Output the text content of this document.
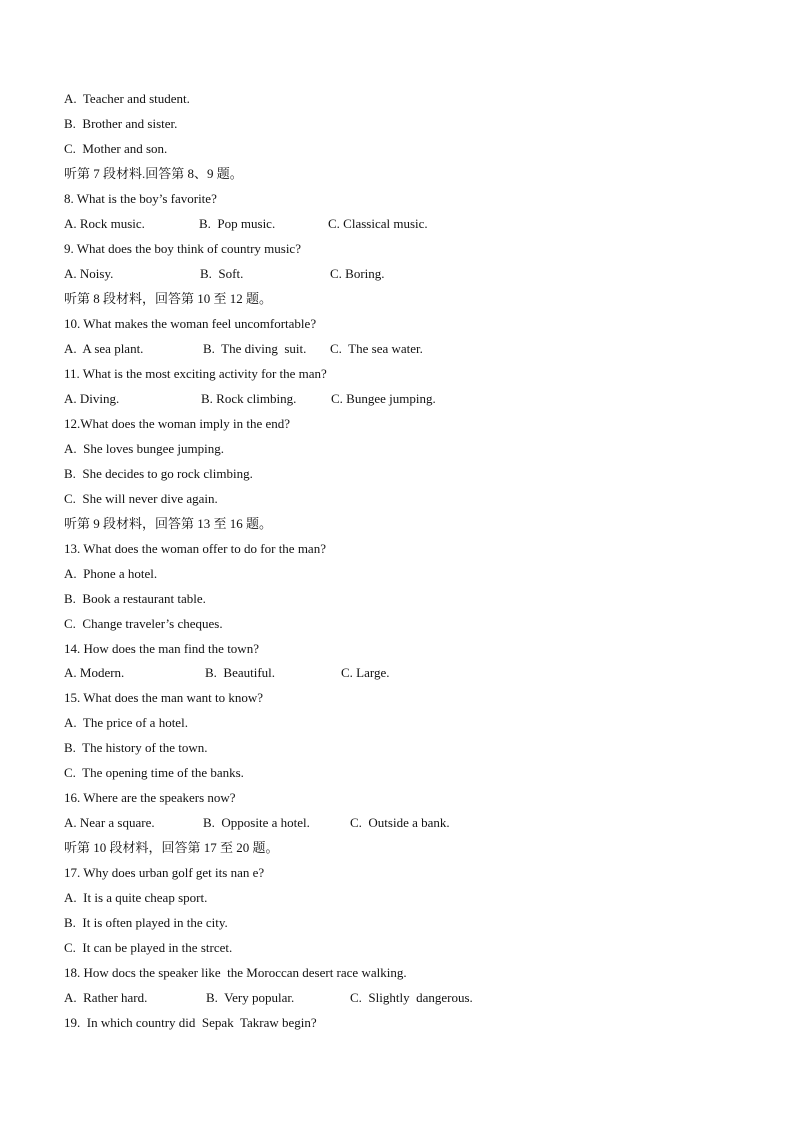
A.  Teacher and student.
B.  Brother and sister.
C.  Mother and son.
听第 7 段材料.回答第 8、9 题。
8. What is the boy’s favorite?

A. Rock music.

	B.  Pop music.

	C. Classical music.

9. What does the boy think of country music?

A. Noisy.

	B.  Soft.

	C. Boring.

听第 8 段材料，回答第 10 至 12 题。
10. What makes the woman feel uncomfortable?

A.  A sea plant.

	B.  The diving  suit.

C.  The sea water.

11. What is the most exciting activity for the man?

A. Diving.

	B. Rock climbing.

	C. Bungee jumping.

12.What does the woman imply in the end?
A.  She loves bungee jumping.
B.  She decides to go rock climbing.
C.  She will never dive again.
听第 9 段材料，回答第 13 至 16 题。
13. What does the woman offer to do for the man?
A.  Phone a hotel.
B.  Book a restaurant table.
C.  Change traveler’s cheques.
14. How does the man find the town?

A. Modern.

	B.  Beautiful.

	C. Large.

15. What does the man want to know?
A.  The price of a hotel.
B.  The history of the town.
C.  The opening time of the banks.
16. Where are the speakers now?

A. Near a square.

	B.  Opposite a hotel.

	C.  Outside a bank.

听第 10 段材料，回答第 17 至 20 题。
17. Why does urban golf get its nan e?
A.  It is a quite cheap sport.
B.  It is often played in the city.
C.  It can be played in the strcet.
18. How docs the speaker like  the Moroccan desert race walking.

A.  Rather hard.

	B.  Very popular.

	C.  Slightly  dangerous.

19.  In which country did  Sepak  Takraw begin?
